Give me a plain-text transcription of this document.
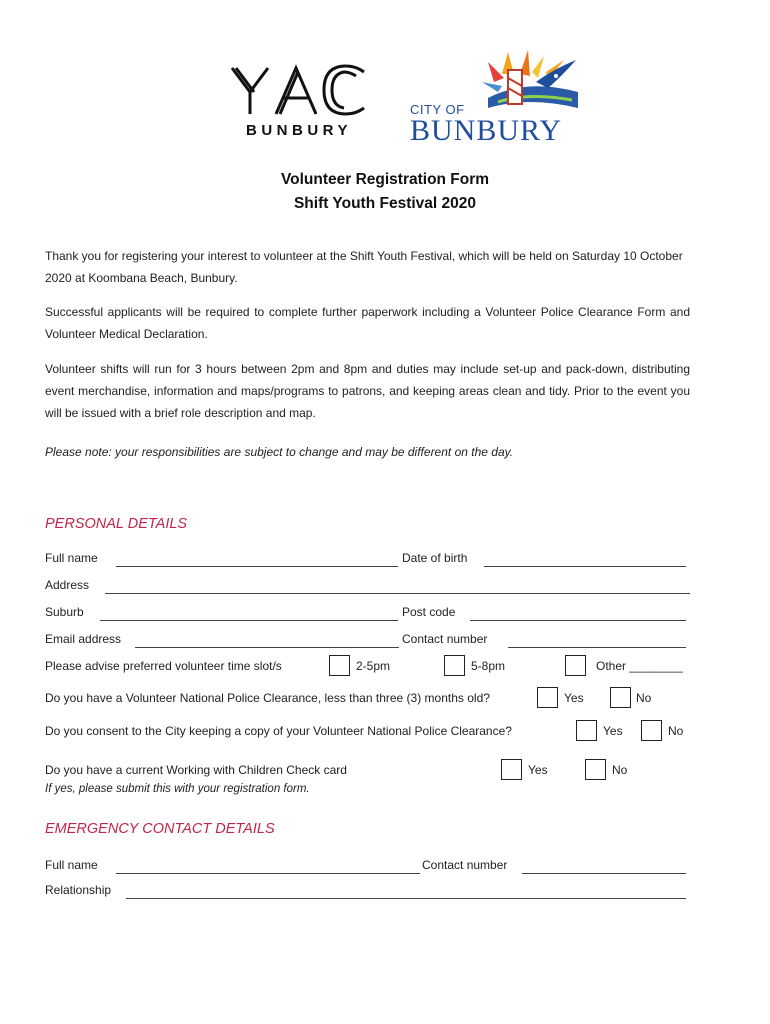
BUNBURY
CITY OF
BUNBURY
Volunteer Registration Form
Shift Youth Festival 2020
Thank you for registering your interest to volunteer at the Shift Youth Festival, which will be held on Saturday 10 October 2020 at Koombana Beach, Bunbury.
Successful applicants will be required to complete further paperwork including a Volunteer Police Clearance Form and Volunteer Medical Declaration.
Volunteer shifts will run for 3 hours between 2pm and 8pm and duties may include set-up and pack-down, distributing event merchandise, information and maps/programs to patrons, and keeping areas clean and tidy. Prior to the event you will be issued with a brief role description and map.
Please note: your responsibilities are subject to change and may be different on the day.
PERSONAL DETAILS
Full name	Date of birth
Address
Suburb	Post code
Email address	Contact number
Please advise preferred volunteer time slot/s	2-5pm	5-8pm	Other ________
Do you have a Volunteer National Police Clearance, less than three (3) months old?	Yes	No
Do you consent to the City keeping a copy of your Volunteer National Police Clearance?	Yes	No
Do you have a current Working with Children Check card	Yes	No
If yes, please submit this with your registration form.
EMERGENCY CONTACT DETAILS
Full name	Contact number
Relationship
